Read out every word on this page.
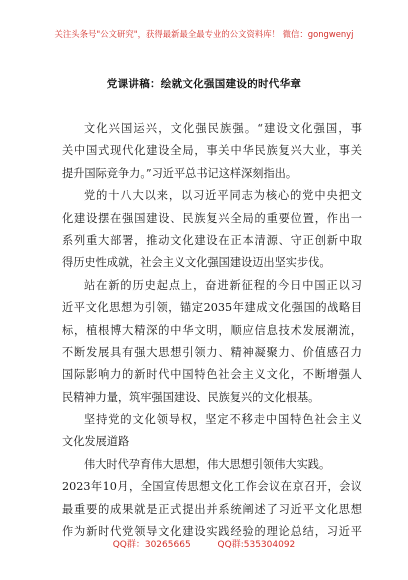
关注头条号"公文研究"，获得最新最全最专业的公文资料库！ 微信：gongwenyj
党课讲稿：绘就文化强国建设的时代华章
文化兴国运兴，文化强民族强。“建设文化强国，事
关中国式现代化建设全局，事关中华民族复兴大业，事关
提升国际竞争力。”习近平总书记这样深刻指出。
党的十八大以来，以习近平同志为核心的党中央把文
化建设摆在强国建设、民族复兴全局的重要位置，作出一
系列重大部署，推动文化建设在正本清源、守正创新中取
得历史性成就，社会主义文化强国建设迈出坚实步伐。
站在新的历史起点上，奋进新征程的今日中国正以习
近平文化思想为引领，锚定2035年建成文化强国的战略目
标，植根博大精深的中华文明，顺应信息技术发展潮流，
不断发展具有强大思想引领力、精神凝聚力、价值感召力
国际影响力的新时代中国特色社会主义文化，不断增强人
民精神力量，筑牢强国建设、民族复兴的文化根基。
坚持党的文化领导权，坚定不移走中国特色社会主义
文化发展道路
伟大时代孕育伟大思想，伟大思想引领伟大实践。
2023年10月，全国宣传思想文化工作会议在京召开，会议
最重要的成果就是正式提出并系统阐述了习近平文化思想
作为新时代党领导文化建设实践经验的理论总结，习近平
QQ群：30265665	QQ群:535304092
